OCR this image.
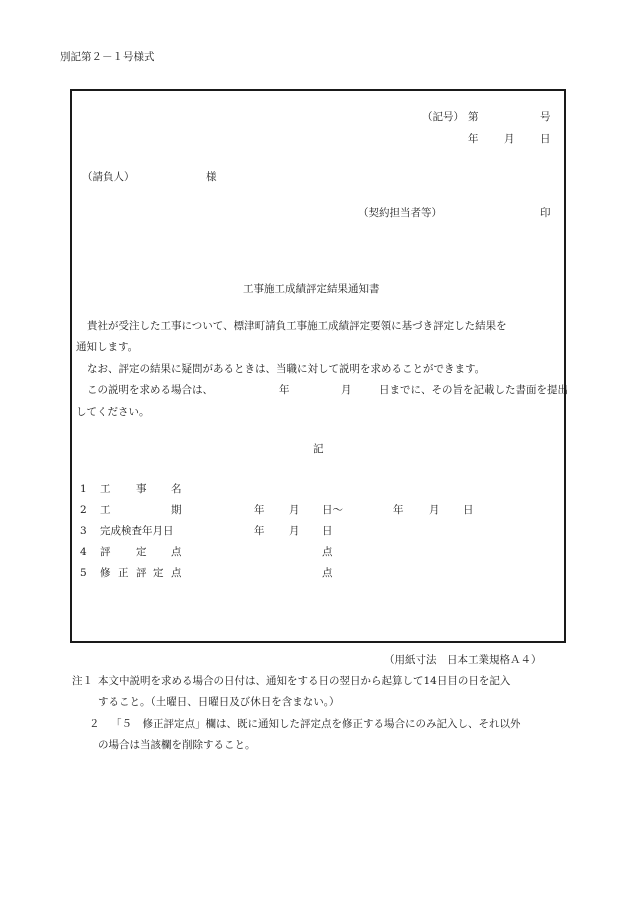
別記第２－１号様式
（記号） 第	号
年 月 日
（請負人）	様
（契約担当者等）	印
工事施工成績評定結果通知書
貴社が受注した工事について、標津町請負工事施工成績評定要領に基づき評定した結果を
通知します。
なお、評定の結果に疑問があるときは、当職に対して説明を求めることができます。
この説明を求める場合は、	年	月	日までに、その旨を記載した書面を提出
してください。
記
1 工 事 名
2 工	期	年 月 日～	年 月 日
3 完成検査年月日	年 月 日
4 評 定 点	点
5 修 正 評 定 点	点
（用紙寸法　日本工業規格Ａ４）
注１ 本文中説明を求める場合の日付は、通知をする日の翌日から起算して14日目の日を記入
すること。（土曜日、日曜日及び休日を含まない。）
２ 「５　修正評定点」欄は、既に通知した評定点を修正する場合にのみ記入し、それ以外
の場合は当該欄を削除すること。
